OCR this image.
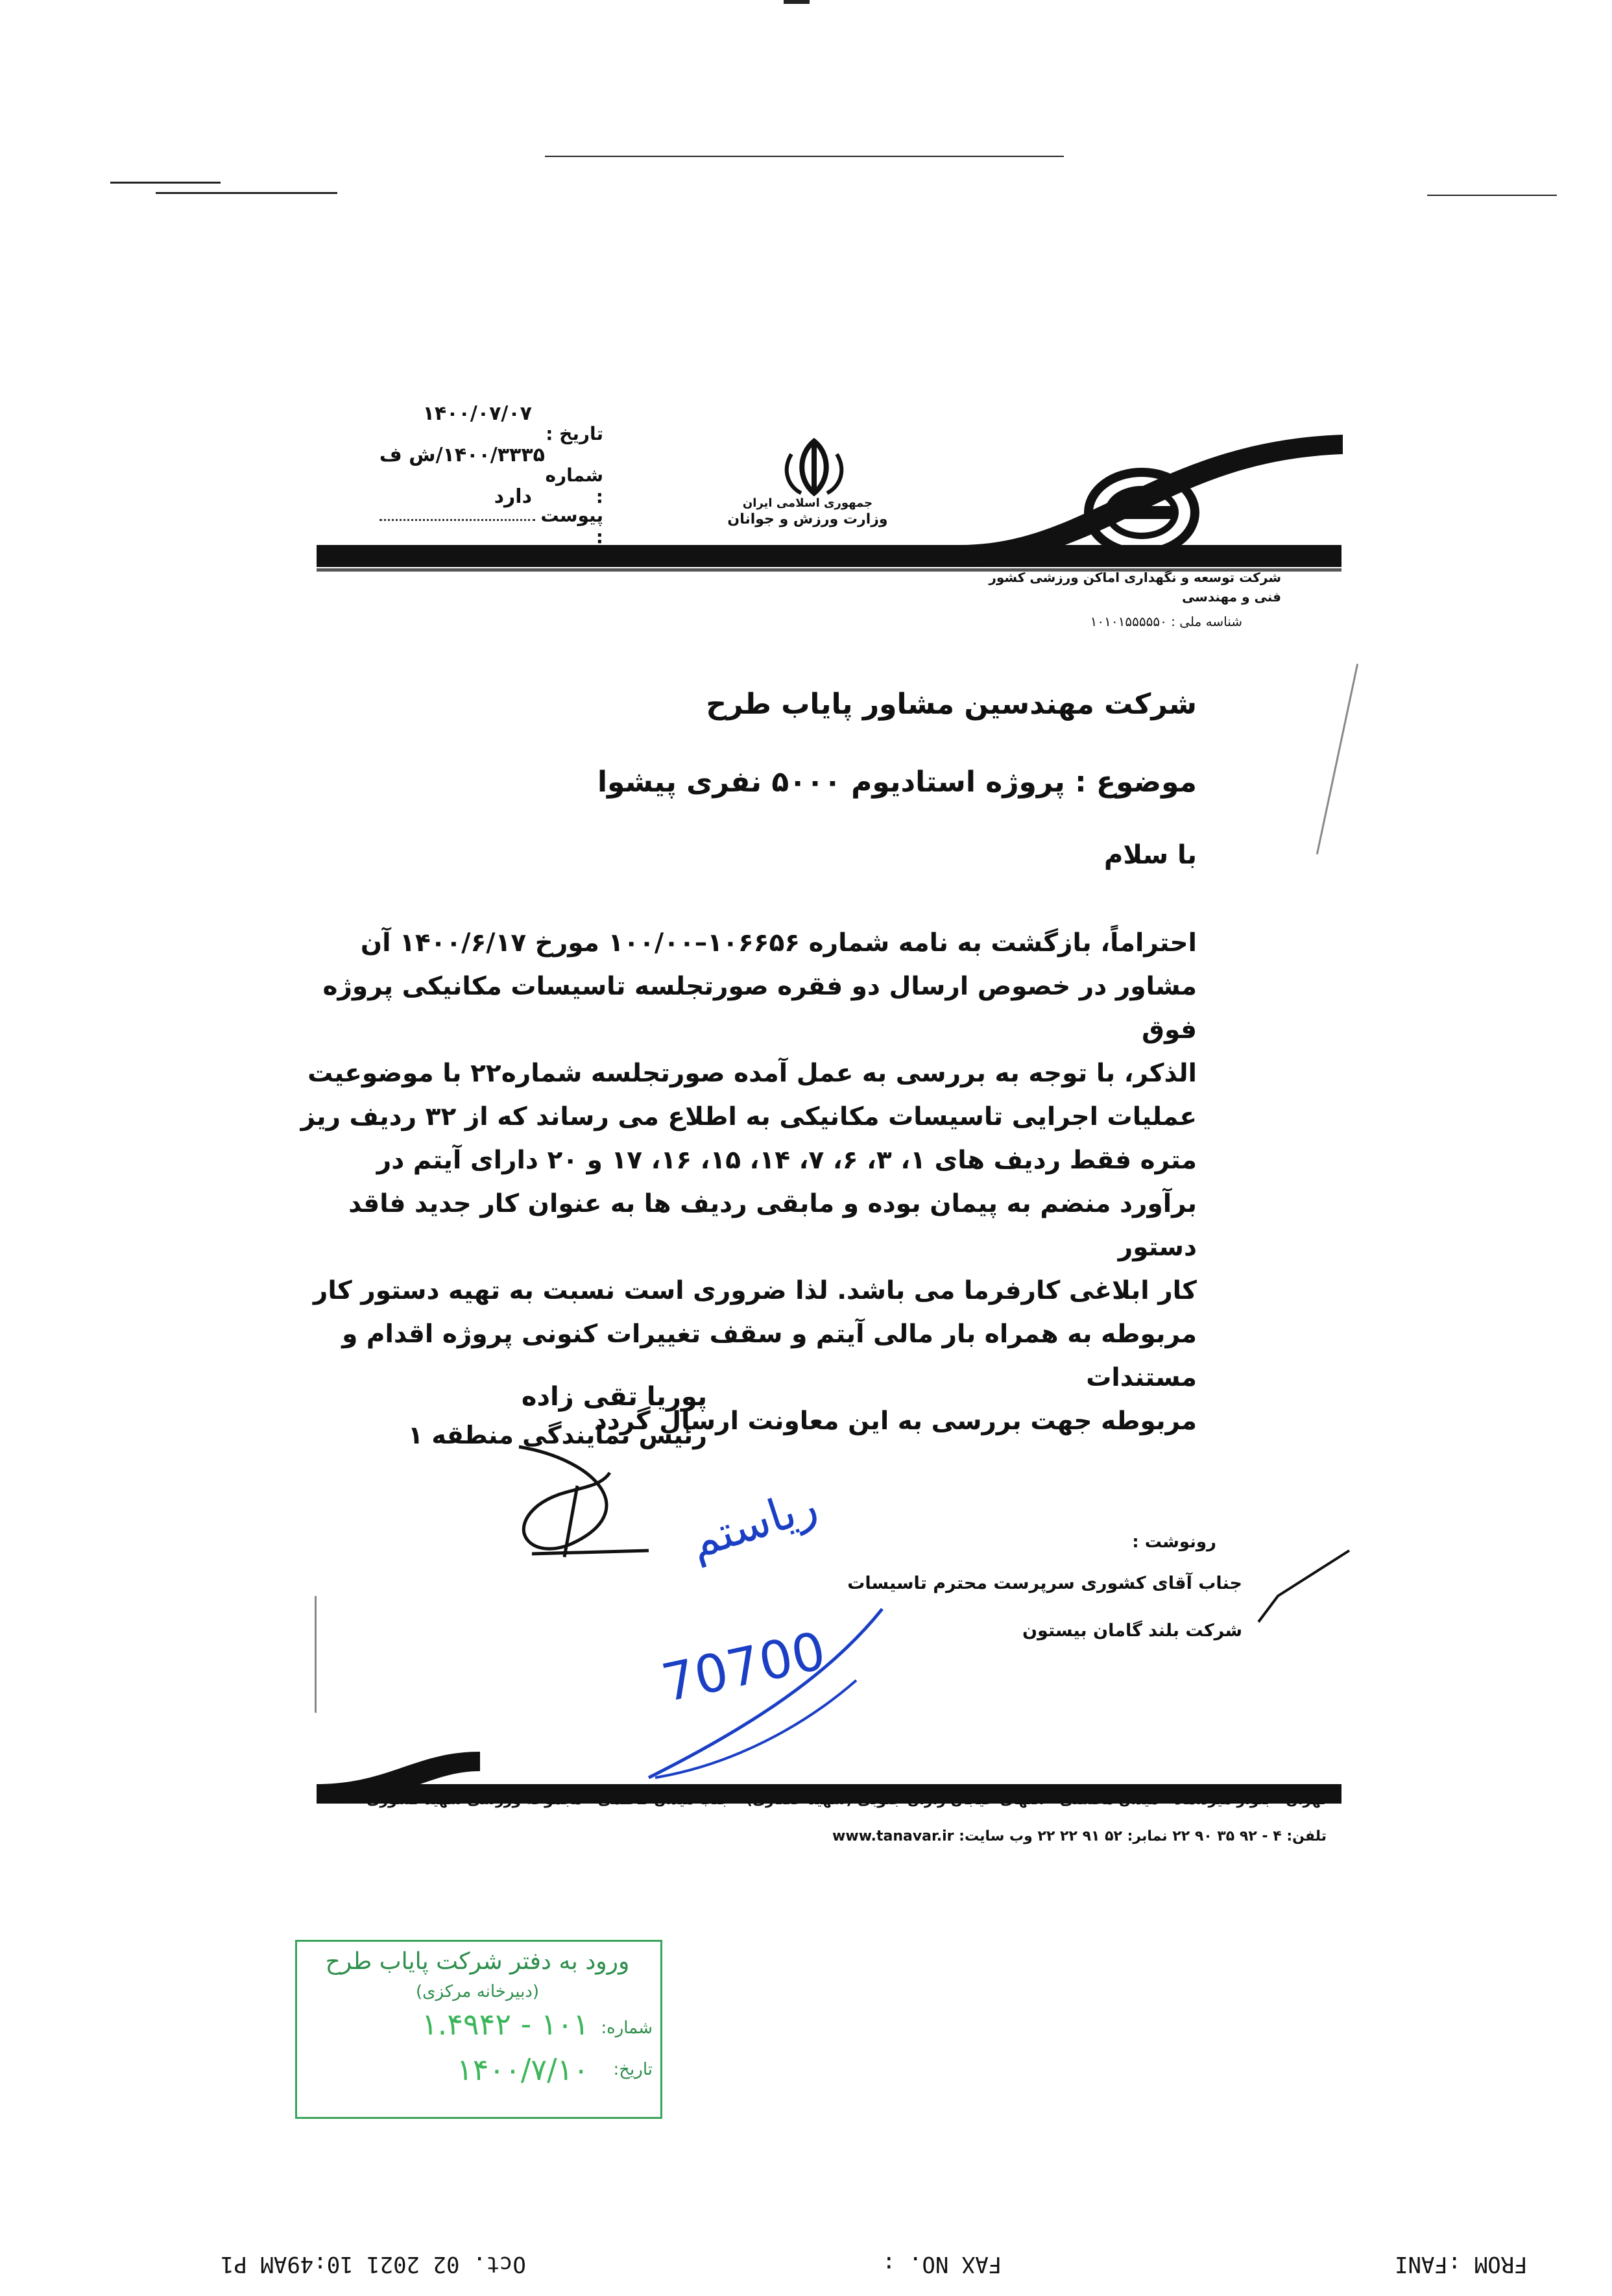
شرکت توسعه و نگهداری اماکن ورزشی کشور
فنی و مهندسی
شناسه ملی : ۱۰۱۰۱۵۵۵۵۵۰
جمهوری اسلامی ایران
وزارت ورزش و جوانان
تاریخ :
۱۴۰۰/۰۷/۰۷
شماره :
۱۴۰۰/۳۳۳۵/ش ف
پیوست :
دارد
شرکت مهندسین مشاور پایاب طرح
موضوع : پروژه استادیوم ۵۰۰۰ نفری پیشوا
با سلام
احتراماً، بازگشت به نامه شماره ۱۰۶۶۵۶–۱۰۰/۰۰ مورخ ۱۴۰۰/۶/۱۷ آن
مشاور در خصوص ارسال دو فقره صورتجلسه تاسیسات مکانیکی پروژه فوق
الذکر، با توجه به بررسی به عمل آمده صورتجلسه شماره۲۲ با موضوعیت
عملیات اجرایی تاسیسات مکانیکی به اطلاع می رساند که از ۳۲ ردیف ریز
متره فقط ردیف های ۱، ۳، ۶، ۷، ۱۴، ۱۵، ۱۶، ۱۷ و ۲۰ دارای آیتم در
برآورد منضم به پیمان بوده و مابقی ردیف ها به عنوان کار جدید فاقد دستور
کار ابلاغی کارفرما می باشد. لذا ضروری است نسبت به تهیه دستور کار
مربوطه به همراه بار مالی آیتم و سقف تغییرات کنونی پروژه اقدام و مستندات
مربوطه جهت بررسی به این معاونت ارسال گردد
پوریا تقی زاده
رئیس نمایندگی منطقه ۱
رونوشت :
جناب آقای کشوری سرپرست محترم تاسیسات
شرکت بلند گامان بیستون
70700
ریاستم
تهران - بلوار میرداماد - میدان محسنی - انتهای خیابان رازان جنوبی (شهید حصاری) - جنب میدان کاظمی - مجموعه ورزشی شهید کشوری
تلفن: ۴ - ۹۲ ۳۵ ۹۰ ۲۲ نمابر: ۵۲ ۹۱ ۲۲ ۲۲ وب سایت: www.tanavar.ir
ورود به دفتر شرکت پایاب طرح
(دبیرخانه مرکزی)
شماره:
۱۰۱ - ۱.۴۹۴۲
تاریخ:
۱۴۰۰/۷/۱۰
FROM :FANI
FAX NO. :
Oct. 02 2021 10:49AM P1
